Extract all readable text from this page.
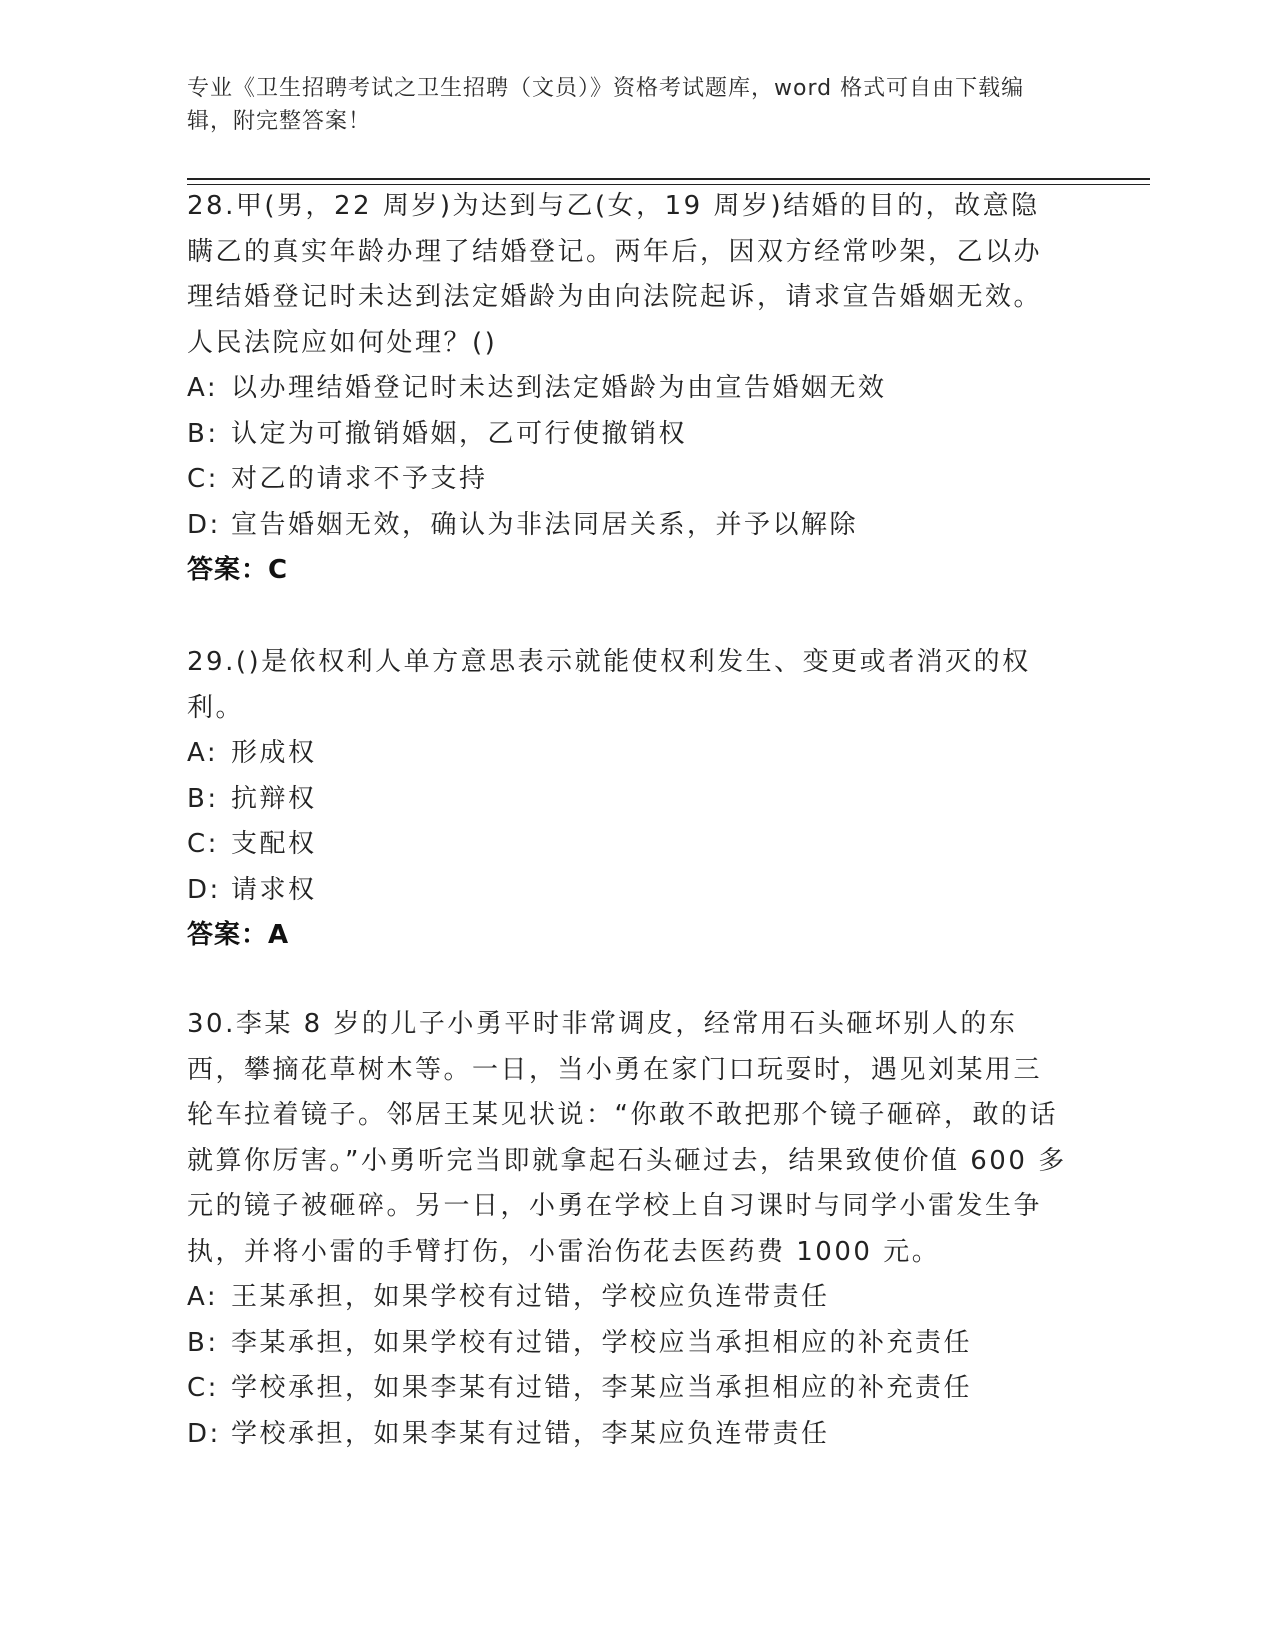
专业《卫生招聘考试之卫生招聘（文员）》资格考试题库，word 格式可自由下载编辑，附完整答案！

28.甲(男，22 周岁)为达到与乙(女，19 周岁)结婚的目的，故意隐瞒乙的真实年龄办理了结婚登记。两年后，因双方经常吵架，乙以办理结婚登记时未达到法定婚龄为由向法院起诉，请求宣告婚姻无效。人民法院应如何处理？()

A: 以办理结婚登记时未达到法定婚龄为由宣告婚姻无效

B: 认定为可撤销婚姻，乙可行使撤销权

C: 对乙的请求不予支持

D: 宣告婚姻无效，确认为非法同居关系，并予以解除

答案：C

29.()是依权利人单方意思表示就能使权利发生、变更或者消灭的权利。

A: 形成权

B: 抗辩权

C: 支配权

D: 请求权

答案：A

30.李某 8 岁的儿子小勇平时非常调皮，经常用石头砸坏别人的东西，攀摘花草树木等。一日，当小勇在家门口玩耍时，遇见刘某用三轮车拉着镜子。邻居王某见状说：“你敢不敢把那个镜子砸碎，敢的话就算你厉害。”小勇听完当即就拿起石头砸过去，结果致使价值 600 多元的镜子被砸碎。另一日，小勇在学校上自习课时与同学小雷发生争执，并将小雷的手臂打伤，小雷治伤花去医药费 1000 元。

A: 王某承担，如果学校有过错，学校应负连带责任

B: 李某承担，如果学校有过错，学校应当承担相应的补充责任

C: 学校承担，如果李某有过错，李某应当承担相应的补充责任

D: 学校承担，如果李某有过错，李某应负连带责任
